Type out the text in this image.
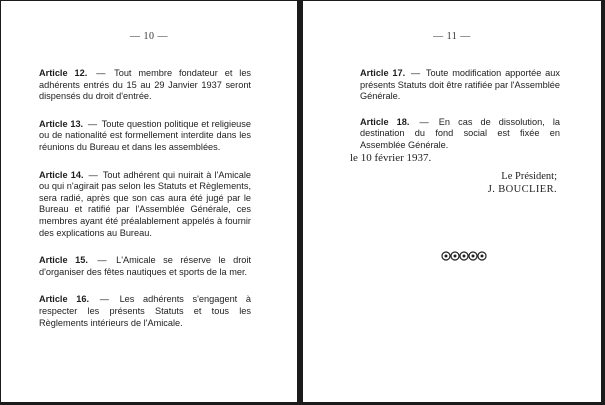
— 10 —

Article 12. — Tout membre fondateur et les adhérents entrés du 15 au 29 Janvier 1937 seront dispensés du droit d'entrée.

Article 13. — Toute question politique et religieuse ou de nationalité est formellement interdite dans les réunions du Bureau et dans les assemblées.

Article 14. — Tout adhérent qui nuirait à l'Amicale ou qui n'agirait pas selon les Statuts et Règlements, sera radié, après que son cas aura été jugé par le Bureau et ratifié par l'Assemblée Générale, ces membres ayant été préalablement appelés à fournir des explications au Bureau.

Article 15. — L'Amicale se réserve le droit d'organiser des fêtes nautiques et sports de la mer.

Article 16. — Les adhérents s'engagent à respecter les présents Statuts et tous les Règlements intérieurs de l'Amicale.

— 11 —

Article 17. — Toute modification apportée aux présents Statuts doit être ratifiée par l'Assemblée Générale.

Article 18. — En cas de dissolution, la destination du fond social est fixée en Assemblée Générale.

le 10 février 1937.
Le Président;
J. BOUCLIER.
